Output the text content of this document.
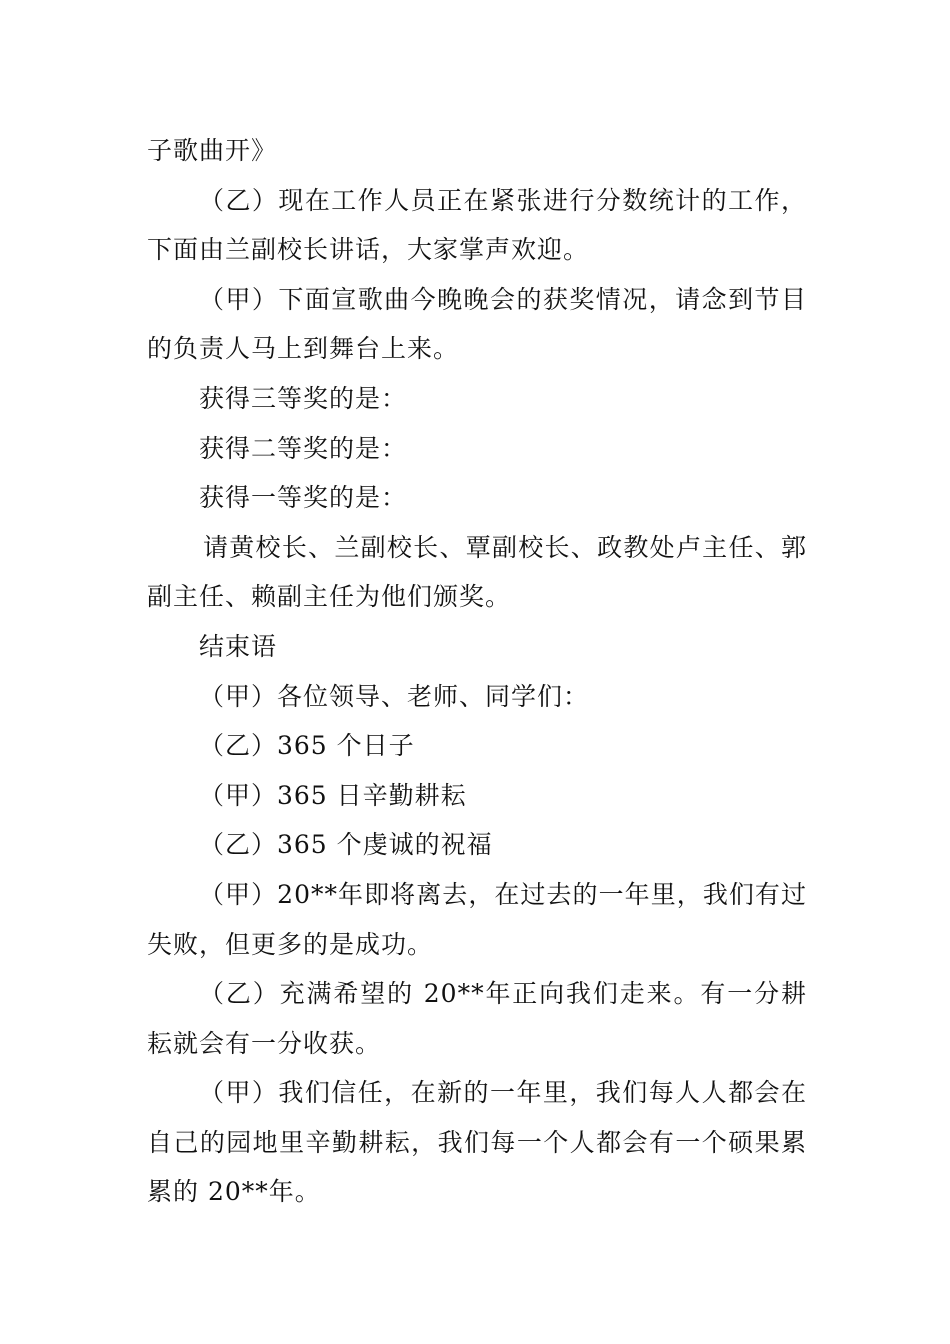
子歌曲开》

（乙）现在工作人员正在紧张进行分数统计的工作，下面由兰副校长讲话，大家掌声欢迎。

（甲）下面宣歌曲今晚晚会的获奖情况，请念到节目的负责人马上到舞台上来。

获得三等奖的是：

获得二等奖的是：

获得一等奖的是：

请黄校长、兰副校长、覃副校长、政教处卢主任、郭副主任、赖副主任为他们颁奖。

结束语

（甲）各位领导、老师、同学们：

（乙）365 个日子

（甲）365 日辛勤耕耘

（乙）365 个虔诚的祝福

（甲）20**年即将离去，在过去的一年里，我们有过失败，但更多的是成功。

（乙）充满希望的 20**年正向我们走来。有一分耕耘就会有一分收获。

（甲）我们信任，在新的一年里，我们每人人都会在自己的园地里辛勤耕耘，我们每一个人都会有一个硕果累累的 20**年。
